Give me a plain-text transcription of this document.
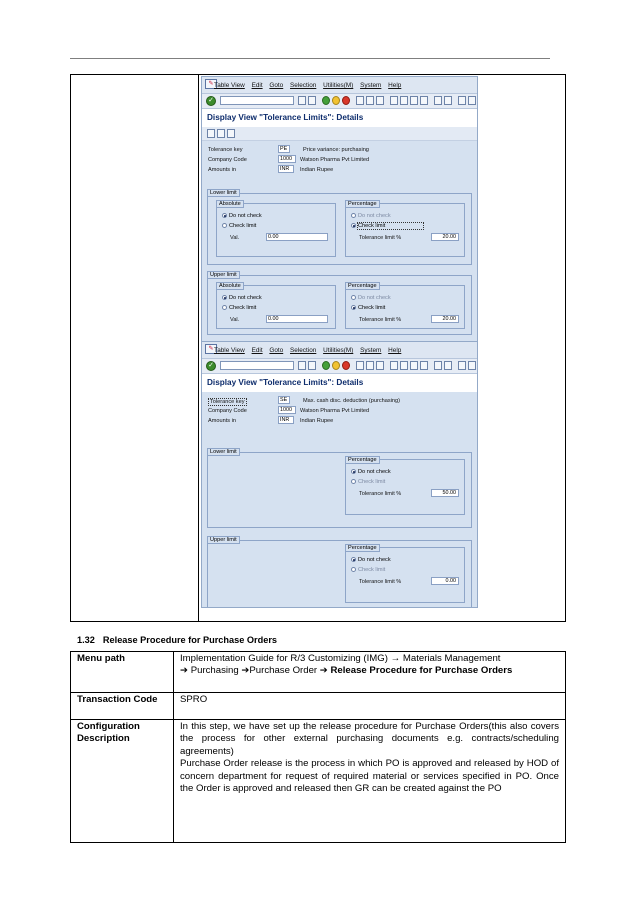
✎ Table View Edit Goto Selection Utilities(M) System Help
✓
Display View "Tolerance Limits": Details
Tolerance key	PE	Price variance: purchasing
Company Code	1000	Watson Pharma Pvt Limited
Amounts in	INR	Indian Rupee
Lower limit
Absolute
Do not check
Check limit
Val.	0.00
Percentage
Do not check
Check limit
Tolerance limit %	20.00
Upper limit
Absolute
Do not check
Check limit
Val.	0.00
Percentage
Do not check
Check limit
Tolerance limit %	20.00
✎ Table View Edit Goto Selection Utilities(M) System Help
✓
Display View "Tolerance Limits": Details
Tolerance key	SE	Max. cash disc. deduction (purchasing)
Company Code	1000	Watson Pharma Pvt Limited
Amounts in	INR	Indian Rupee
Lower limit
Percentage
Do not check
Check limit
Tolerance limit %	50.00
Upper limit
Percentage
Do not check
Check limit
Tolerance limit %	0.00
1.32 Release Procedure for Purchase Orders
Menu path	Implementation Guide for R/3 Customizing (IMG) → Materials Management
➔ Purchasing ➔Purchase Order ➔ Release Procedure for Purchase Orders

Transaction Code	SPRO
Configuration Description	In this step, we have set up the release procedure for Purchase Orders(this also covers the process for other external purchasing documents e.g. contracts/scheduling agreements)
Purchase Order release is the process in which PO is approved and released by HOD of concern department for request of required material or services specified in PO. Once the Order is approved and released then GR can be created against the PO
